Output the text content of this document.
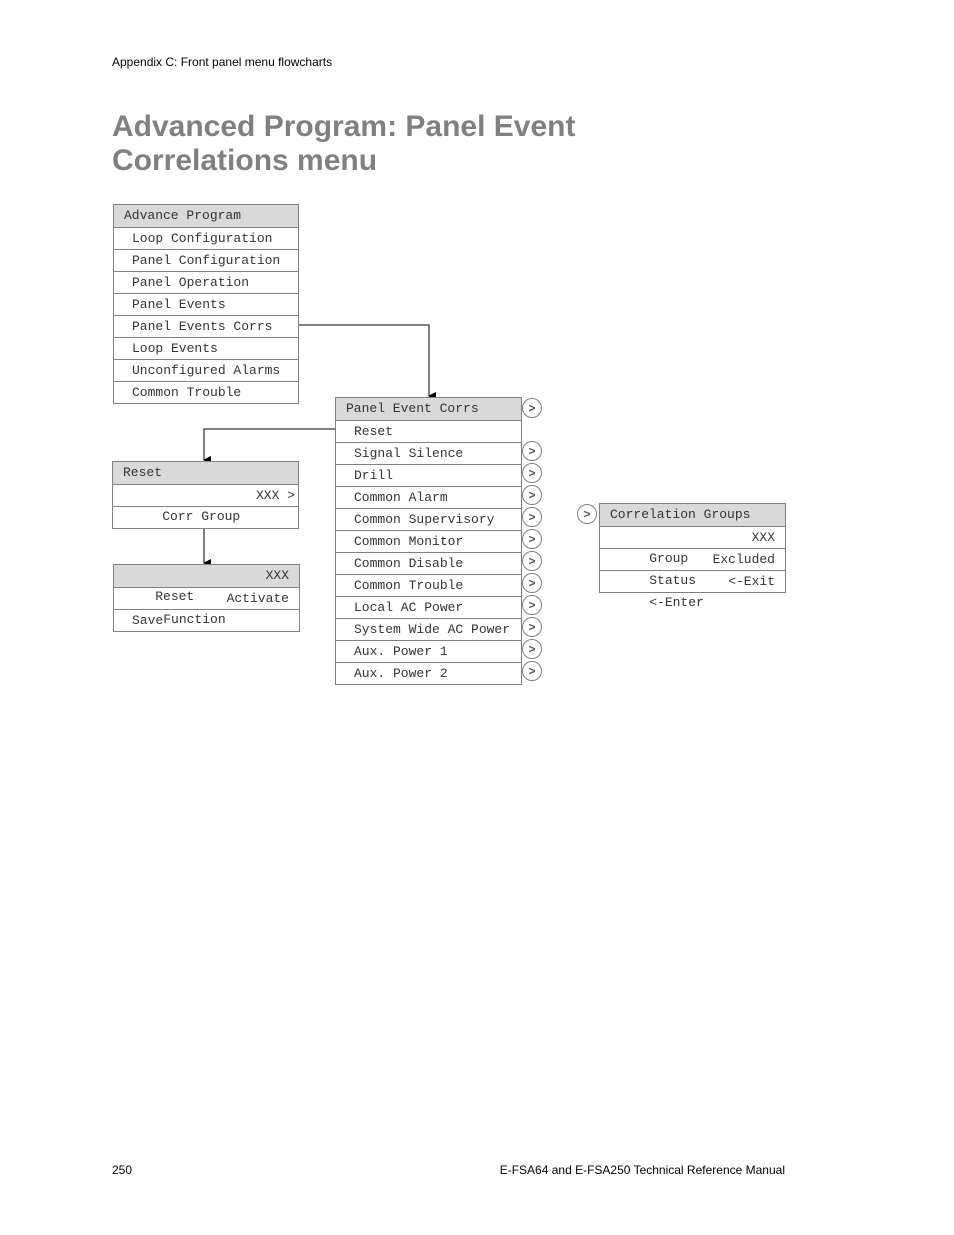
Appendix C: Front panel menu flowcharts
Advanced Program: Panel Event
Correlations menu
Advance Program
Loop Configuration
Panel Configuration
Panel Operation
Panel Events
Panel Events Corrs
Loop Events
Unconfigured Alarms
Common Trouble
Panel Event Corrs
Reset
Signal Silence
Drill
Common Alarm
Common Supervisory
Common Monitor
Common Disable
Common Trouble
Local AC Power
System Wide AC Power
Aux. Power 1
Aux. Power 2
>
>
>
>
>
>
>
>
>
>
>
>
Reset

Corr Group

XXX >

Reset

XXX

Function

Activate

Save
>	Correlation Groups

Group

XXX

Status

Excluded

<-Enter

<-Exit

250	E-FSA64 and E-FSA250 Technical Reference Manual
